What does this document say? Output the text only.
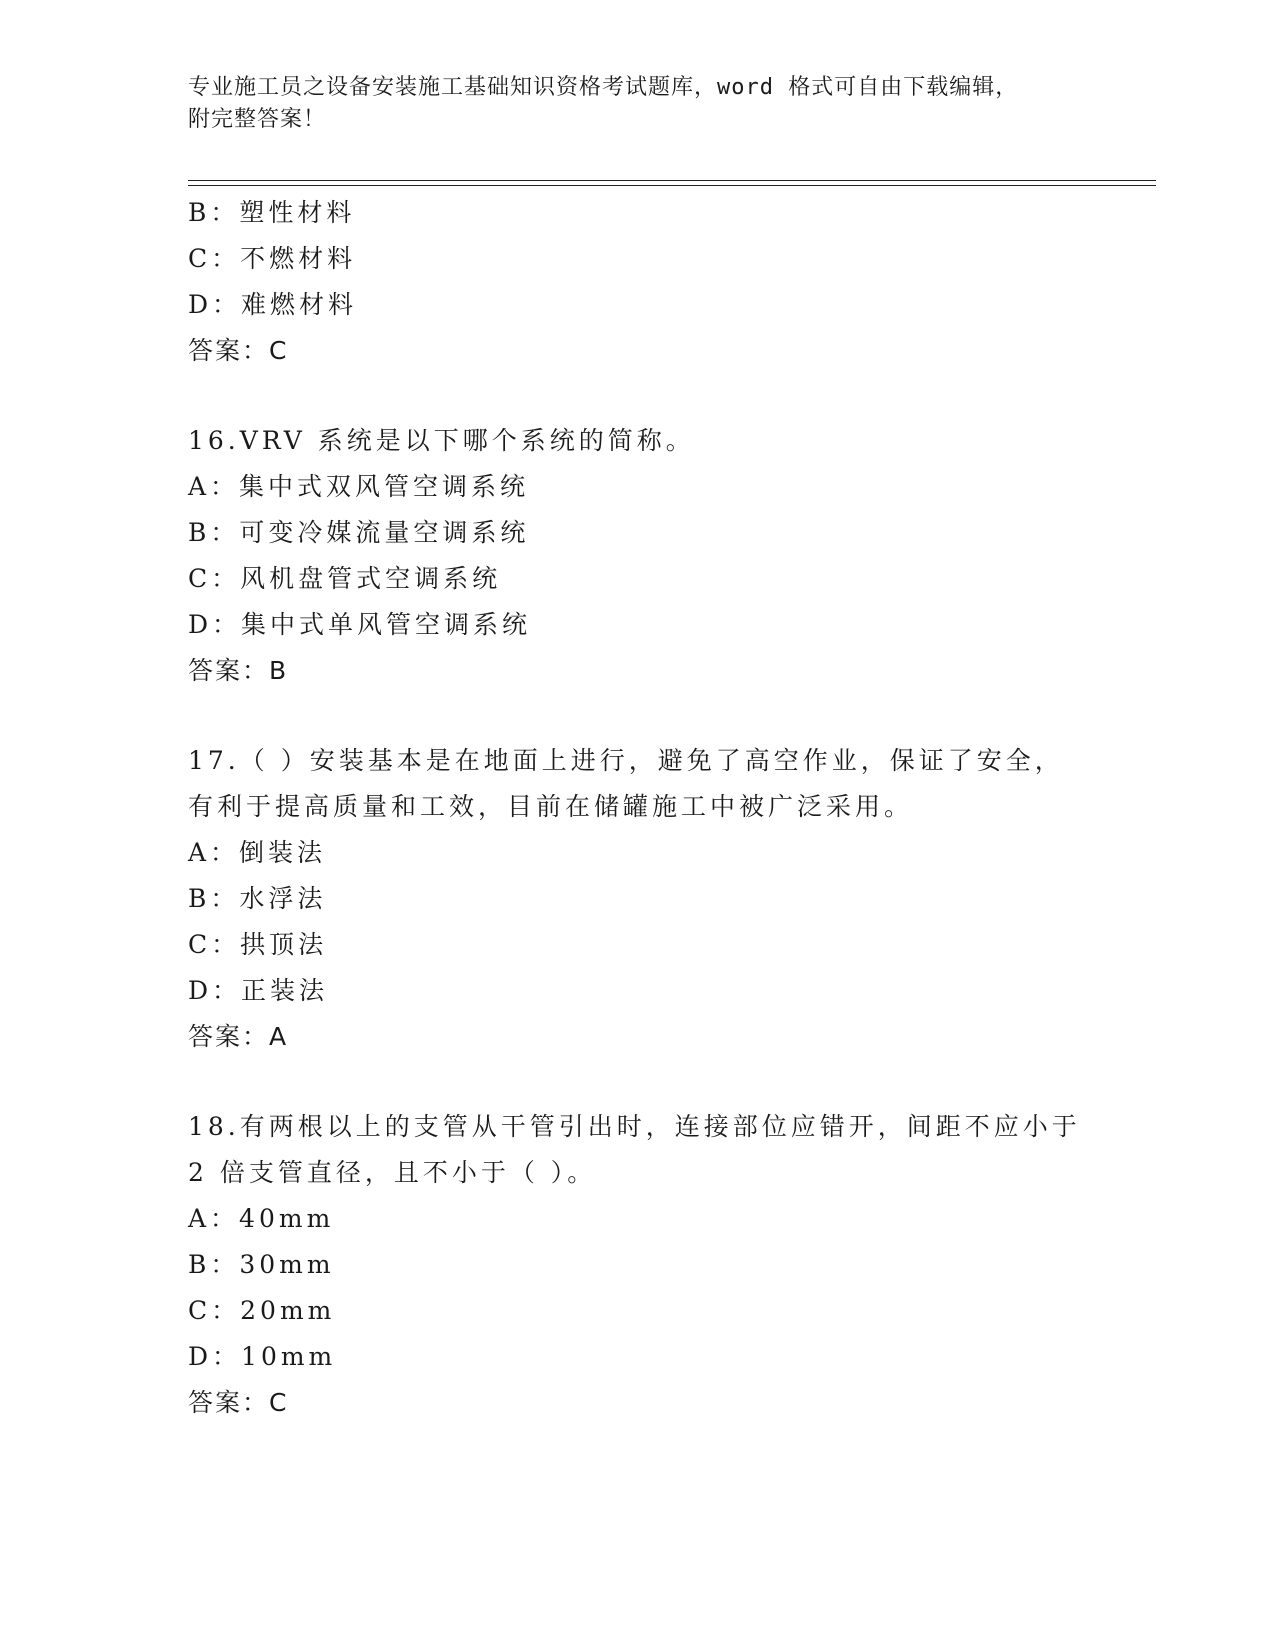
专业施工员之设备安装施工基础知识资格考试题库，word 格式可自由下载编辑，
附完整答案！
B：塑性材料
C：不燃材料
D：难燃材料
答案：C
16.VRV 系统是以下哪个系统的简称。
A：集中式双风管空调系统
B：可变冷媒流量空调系统
C：风机盘管式空调系统
D：集中式单风管空调系统
答案：B
17.（ ）安装基本是在地面上进行，避免了高空作业，保证了安全，
有利于提高质量和工效，目前在储罐施工中被广泛采用。
A：倒装法
B：水浮法
C：拱顶法
D：正装法
答案：A
18.有两根以上的支管从干管引出时，连接部位应错开，间距不应小于
2 倍支管直径，且不小于（ ）。
A：40mm
B：30mm
C：20mm
D：10mm
答案：C
